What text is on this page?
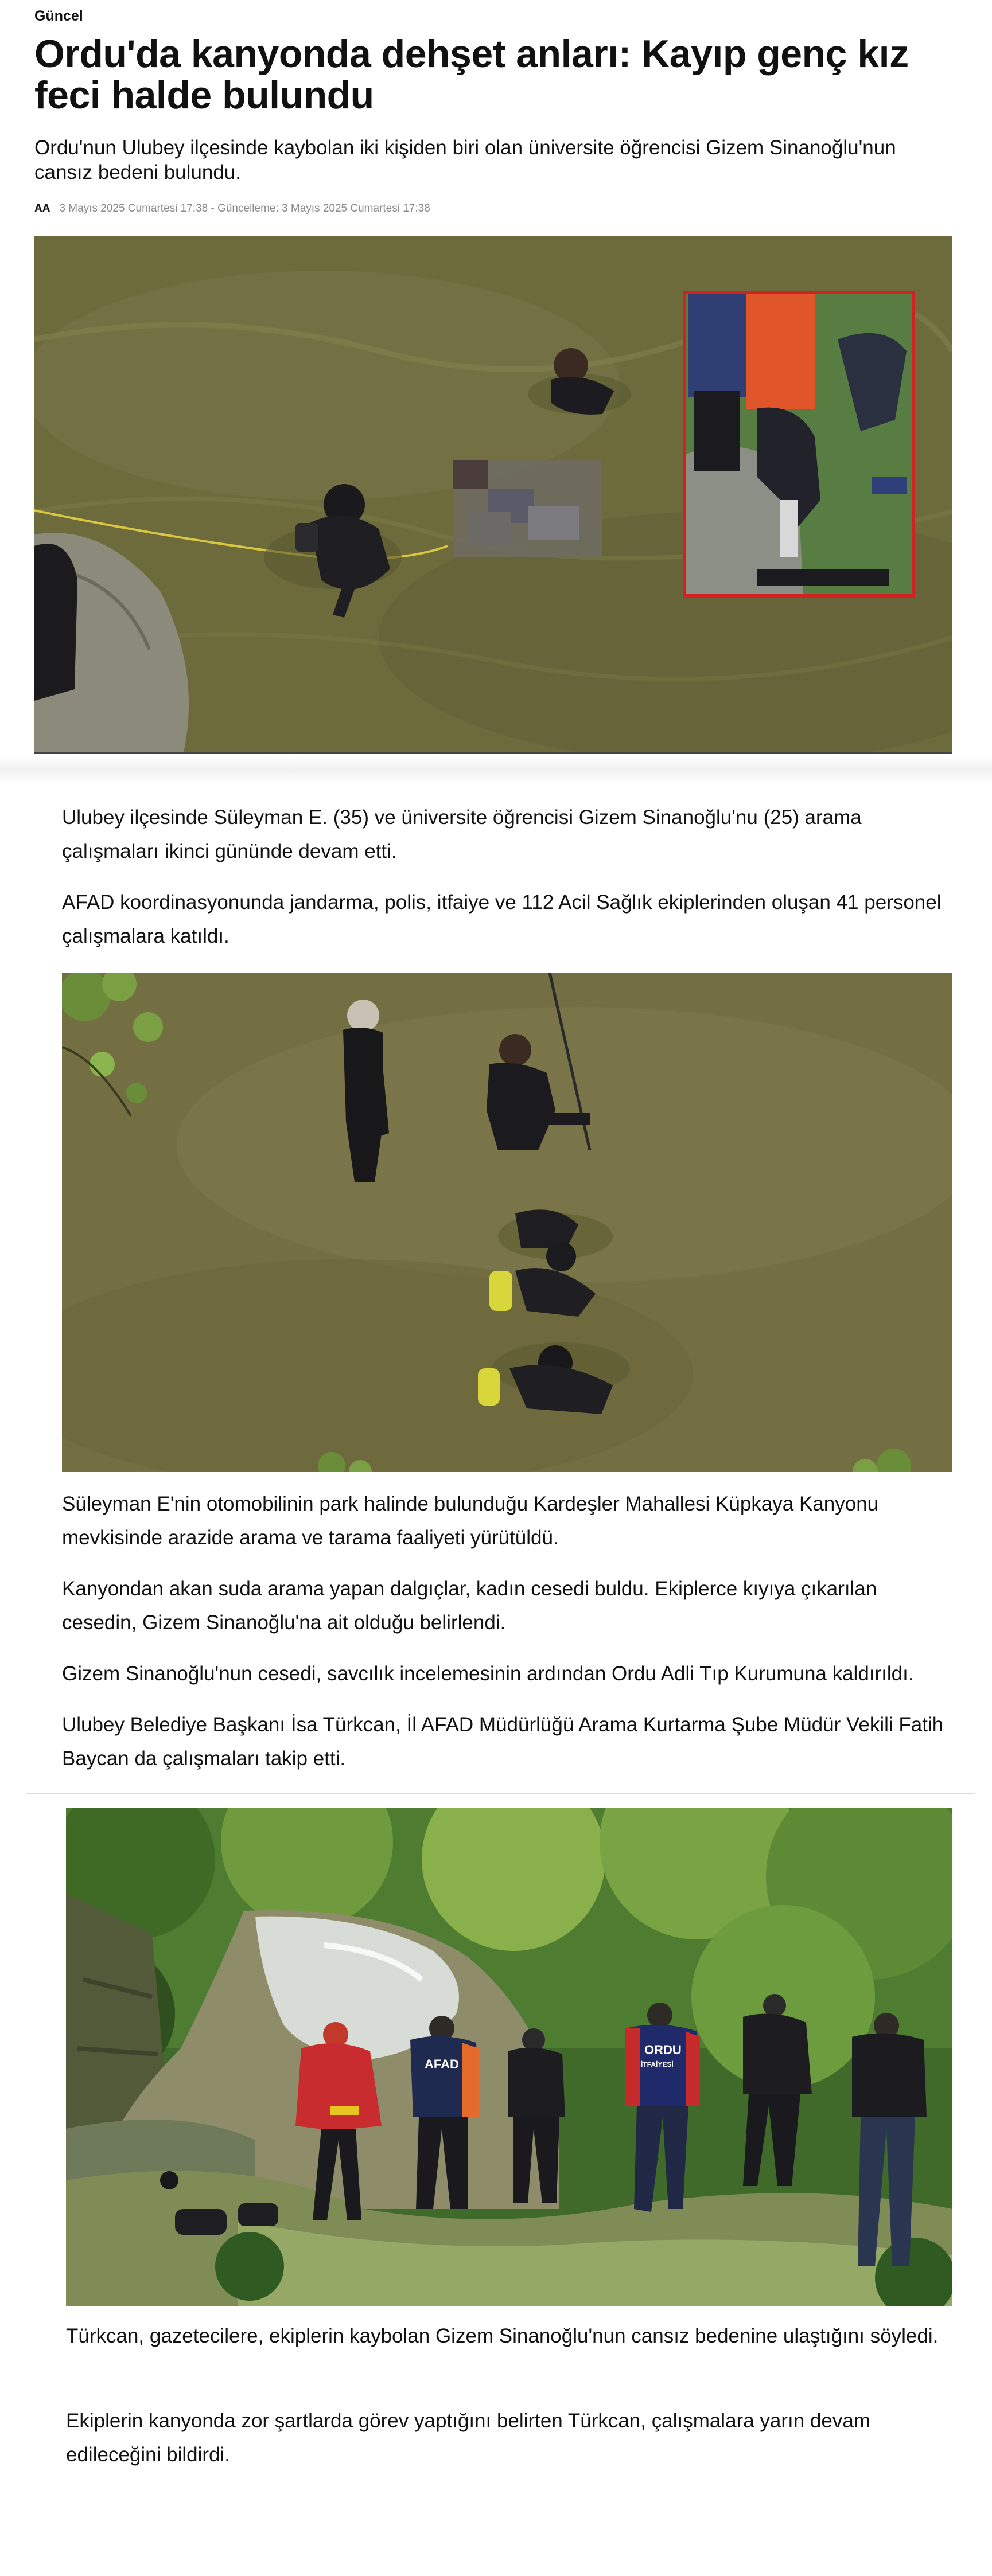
Güncel
Ordu'da kanyonda dehşet anları: Kayıp genç kız feci halde bulundu
Ordu'nun Ulubey ilçesinde kaybolan iki kişiden biri olan üniversite öğrencisi Gizem Sinanoğlu'nun cansız bedeni bulundu.
AA 3 Mayıs 2025 Cumartesi 17:38 - Güncelleme: 3 Mayıs 2025 Cumartesi 17:38

Ulubey ilçesinde Süleyman E. (35) ve üniversite öğrencisi Gizem Sinanoğlu'nu (25) arama çalışmaları ikinci gününde devam etti.

AFAD koordinasyonunda jandarma, polis, itfaiye ve 112 Acil Sağlık ekiplerinden oluşan 41 personel çalışmalara katıldı.

Süleyman E'nin otomobilinin park halinde bulunduğu Kardeşler Mahallesi Küpkaya Kanyonu mevkisinde arazide arama ve tarama faaliyeti yürütüldü.

Kanyondan akan suda arama yapan dalgıçlar, kadın cesedi buldu. Ekiplerce kıyıya çıkarılan cesedin, Gizem Sinanoğlu'na ait olduğu belirlendi.

Gizem Sinanoğlu'nun cesedi, savcılık incelemesinin ardından Ordu Adli Tıp Kurumuna kaldırıldı.

Ulubey Belediye Başkanı İsa Türkcan, İl AFAD Müdürlüğü Arama Kurtarma Şube Müdür Vekili Fatih Baycan da çalışmaları takip etti.

AFAD
ORDU
İTFAİYESİ

Türkcan, gazetecilere, ekiplerin kaybolan Gizem Sinanoğlu'nun cansız bedenine ulaştığını söyledi.

Ekiplerin kanyonda zor şartlarda görev yaptığını belirten Türkcan, çalışmalara yarın devam edileceğini bildirdi.
